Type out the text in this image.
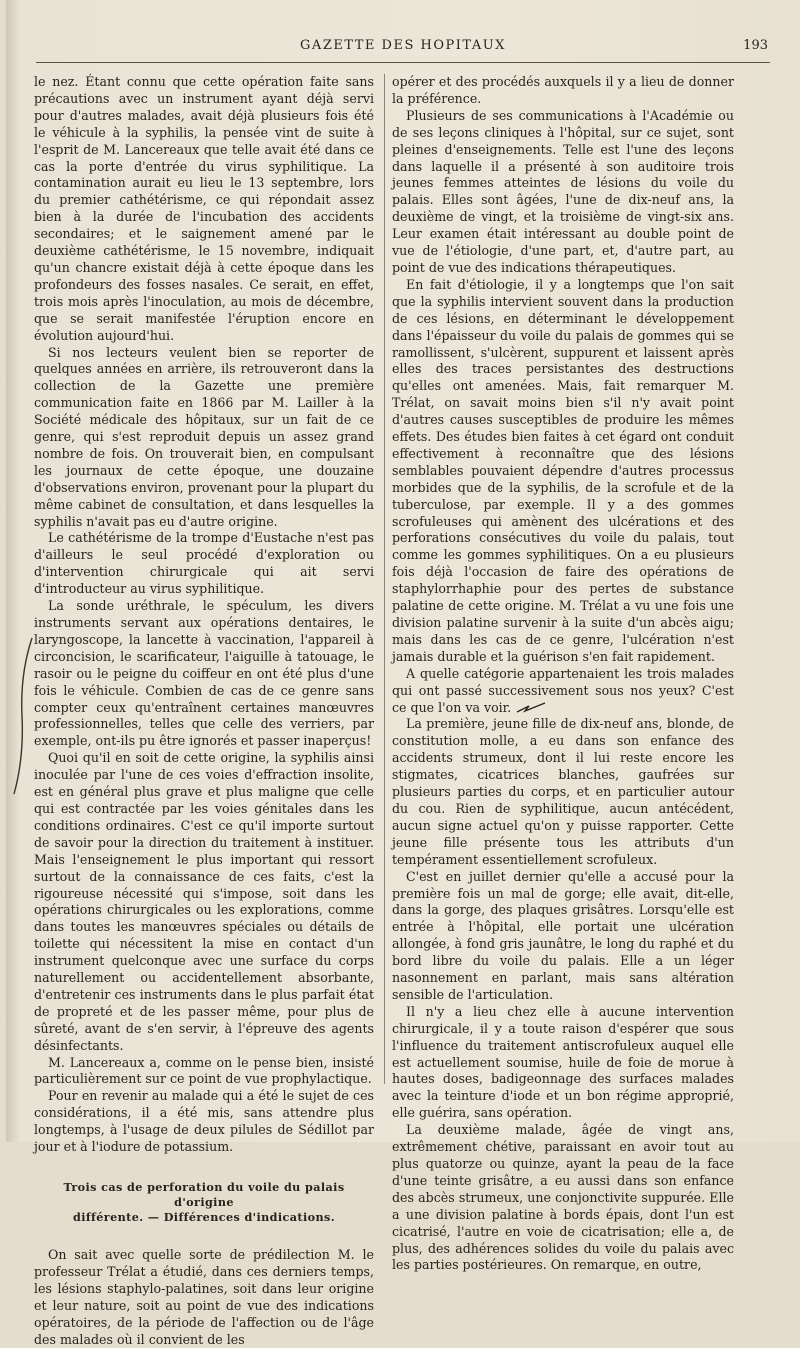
GAZETTE DES HOPITAUX	193

le nez. Étant connu que cette opération faite sans précautions avec un instrument ayant déjà servi pour d'autres malades, avait déjà plusieurs fois été le véhicule à la syphilis, la pensée vint de suite à l'esprit de M. Lancereaux que telle avait été dans ce cas la porte d'entrée du virus syphilitique. La contamination aurait eu lieu le 13 septembre, lors du premier cathétérisme, ce qui répondait assez bien à la durée de l'incubation des accidents secondaires; et le saignement amené par le deuxième cathétérisme, le 15 novembre, indiquait qu'un chancre existait déjà à cette époque dans les profondeurs des fosses nasales. Ce serait, en effet, trois mois après l'inoculation, au mois de décembre, que se serait manifestée l'éruption encore en évolution aujourd'hui.

Si nos lecteurs veulent bien se reporter de quelques années en arrière, ils retrouveront dans la collection de la Gazette une première communication faite en 1866 par M. Lailler à la Société médicale des hôpitaux, sur un fait de ce genre, qui s'est reproduit depuis un assez grand nombre de fois. On trouverait bien, en compulsant les journaux de cette époque, une douzaine d'observations environ, provenant pour la plupart du même cabinet de consultation, et dans lesquelles la syphilis n'avait pas eu d'autre origine.

Le cathétérisme de la trompe d'Eustache n'est pas d'ailleurs le seul procédé d'exploration ou d'intervention chirurgicale qui ait servi d'introducteur au virus syphilitique.

La sonde uréthrale, le spéculum, les divers instruments servant aux opérations dentaires, le laryngoscope, la lancette à vaccination, l'appareil à circoncision, le scarificateur, l'aiguille à tatouage, le rasoir ou le peigne du coiffeur en ont été plus d'une fois le véhicule. Combien de cas de ce genre sans compter ceux qu'entraînent certaines manœuvres professionnelles, telles que celle des verriers, par exemple, ont-ils pu être ignorés et passer inaperçus!

Quoi qu'il en soit de cette origine, la syphilis ainsi inoculée par l'une de ces voies d'effraction insolite, est en général plus grave et plus maligne que celle qui est contractée par les voies génitales dans les conditions ordinaires. C'est ce qu'il importe surtout de savoir pour la direction du traitement à instituer. Mais l'enseignement le plus important qui ressort surtout de la connaissance de ces faits, c'est la rigoureuse nécessité qui s'impose, soit dans les opérations chirurgicales ou les explorations, comme dans toutes les manœuvres spéciales ou détails de toilette qui nécessitent la mise en contact d'un instrument quelconque avec une surface du corps naturellement ou accidentellement absorbante, d'entretenir ces instruments dans le plus parfait état de propreté et de les passer même, pour plus de sûreté, avant de s'en servir, à l'épreuve des agents désinfectants.

M. Lancereaux a, comme on le pense bien, insisté particulièrement sur ce point de vue prophylactique.

Pour en revenir au malade qui a été le sujet de ces considérations, il a été mis, sans attendre plus longtemps, à l'usage de deux pilules de Sédillot par jour et à l'iodure de potassium.

Trois cas de perforation du voile du palais d'origine
différente. — Différences d'indications.

On sait avec quelle sorte de prédilection M. le professeur Trélat a étudié, dans ces derniers temps, les lésions staphylo-palatines, soit dans leur origine et leur nature, soit au point de vue des indications opératoires, de la période de l'affection ou de l'âge des malades où il convient de les

opérer et des procédés auxquels il y a lieu de donner la préférence.

Plusieurs de ses communications à l'Académie ou de ses leçons cliniques à l'hôpital, sur ce sujet, sont pleines d'enseignements. Telle est l'une des leçons dans laquelle il a présenté à son auditoire trois jeunes femmes atteintes de lésions du voile du palais. Elles sont âgées, l'une de dix-neuf ans, la deuxième de vingt, et la troisième de vingt-six ans. Leur examen était intéressant au double point de vue de l'étiologie, d'une part, et, d'autre part, au point de vue des indications thérapeutiques.

En fait d'étiologie, il y a longtemps que l'on sait que la syphilis intervient souvent dans la production de ces lésions, en déterminant le développement dans l'épaisseur du voile du palais de gommes qui se ramollissent, s'ulcèrent, suppurent et laissent après elles des traces persistantes des destructions qu'elles ont amenées. Mais, fait remarquer M. Trélat, on savait moins bien s'il n'y avait point d'autres causes susceptibles de produire les mêmes effets. Des études bien faites à cet égard ont conduit effectivement à reconnaître que des lésions semblables pouvaient dépendre d'autres processus morbides que de la syphilis, de la scrofule et de la tuberculose, par exemple. Il y a des gommes scrofuleuses qui amènent des ulcérations et des perforations consécutives du voile du palais, tout comme les gommes syphilitiques. On a eu plusieurs fois déjà l'occasion de faire des opérations de staphylorrhaphie pour des pertes de substance palatine de cette origine. M. Trélat a vu une fois une division palatine survenir à la suite d'un abcès aigu; mais dans les cas de ce genre, l'ulcération n'est jamais durable et la guérison s'en fait rapidement.

A quelle catégorie appartenaient les trois malades qui ont passé successivement sous nos yeux? C'est ce que l'on va voir.

La première, jeune fille de dix-neuf ans, blonde, de constitution molle, a eu dans son enfance des accidents strumeux, dont il lui reste encore les stigmates, cicatrices blanches, gaufrées sur plusieurs parties du corps, et en particulier autour du cou. Rien de syphilitique, aucun antécédent, aucun signe actuel qu'on y puisse rapporter. Cette jeune fille présente tous les attributs d'un tempérament essentiellement scrofuleux.

C'est en juillet dernier qu'elle a accusé pour la première fois un mal de gorge; elle avait, dit-elle, dans la gorge, des plaques grisâtres. Lorsqu'elle est entrée à l'hôpital, elle portait une ulcération allongée, à fond gris jaunâtre, le long du raphé et du bord libre du voile du palais. Elle a un léger nasonnement en parlant, mais sans altération sensible de l'articulation.

Il n'y a lieu chez elle à aucune intervention chirurgicale, il y a toute raison d'espérer que sous l'influence du traitement antiscrofuleux auquel elle est actuellement soumise, huile de foie de morue à hautes doses, badigeonnage des surfaces malades avec la teinture d'iode et un bon régime approprié, elle guérira, sans opération.

La deuxième malade, âgée de vingt ans, extrêmement chétive, paraissant en avoir tout au plus quatorze ou quinze, ayant la peau de la face d'une teinte grisâtre, a eu aussi dans son enfance des abcès strumeux, une conjonctivite suppurée. Elle a une division palatine à bords épais, dont l'un est cicatrisé, l'autre en voie de cicatrisation; elle a, de plus, des adhérences solides du voile du palais avec les parties postérieures. On remarque, en outre,
